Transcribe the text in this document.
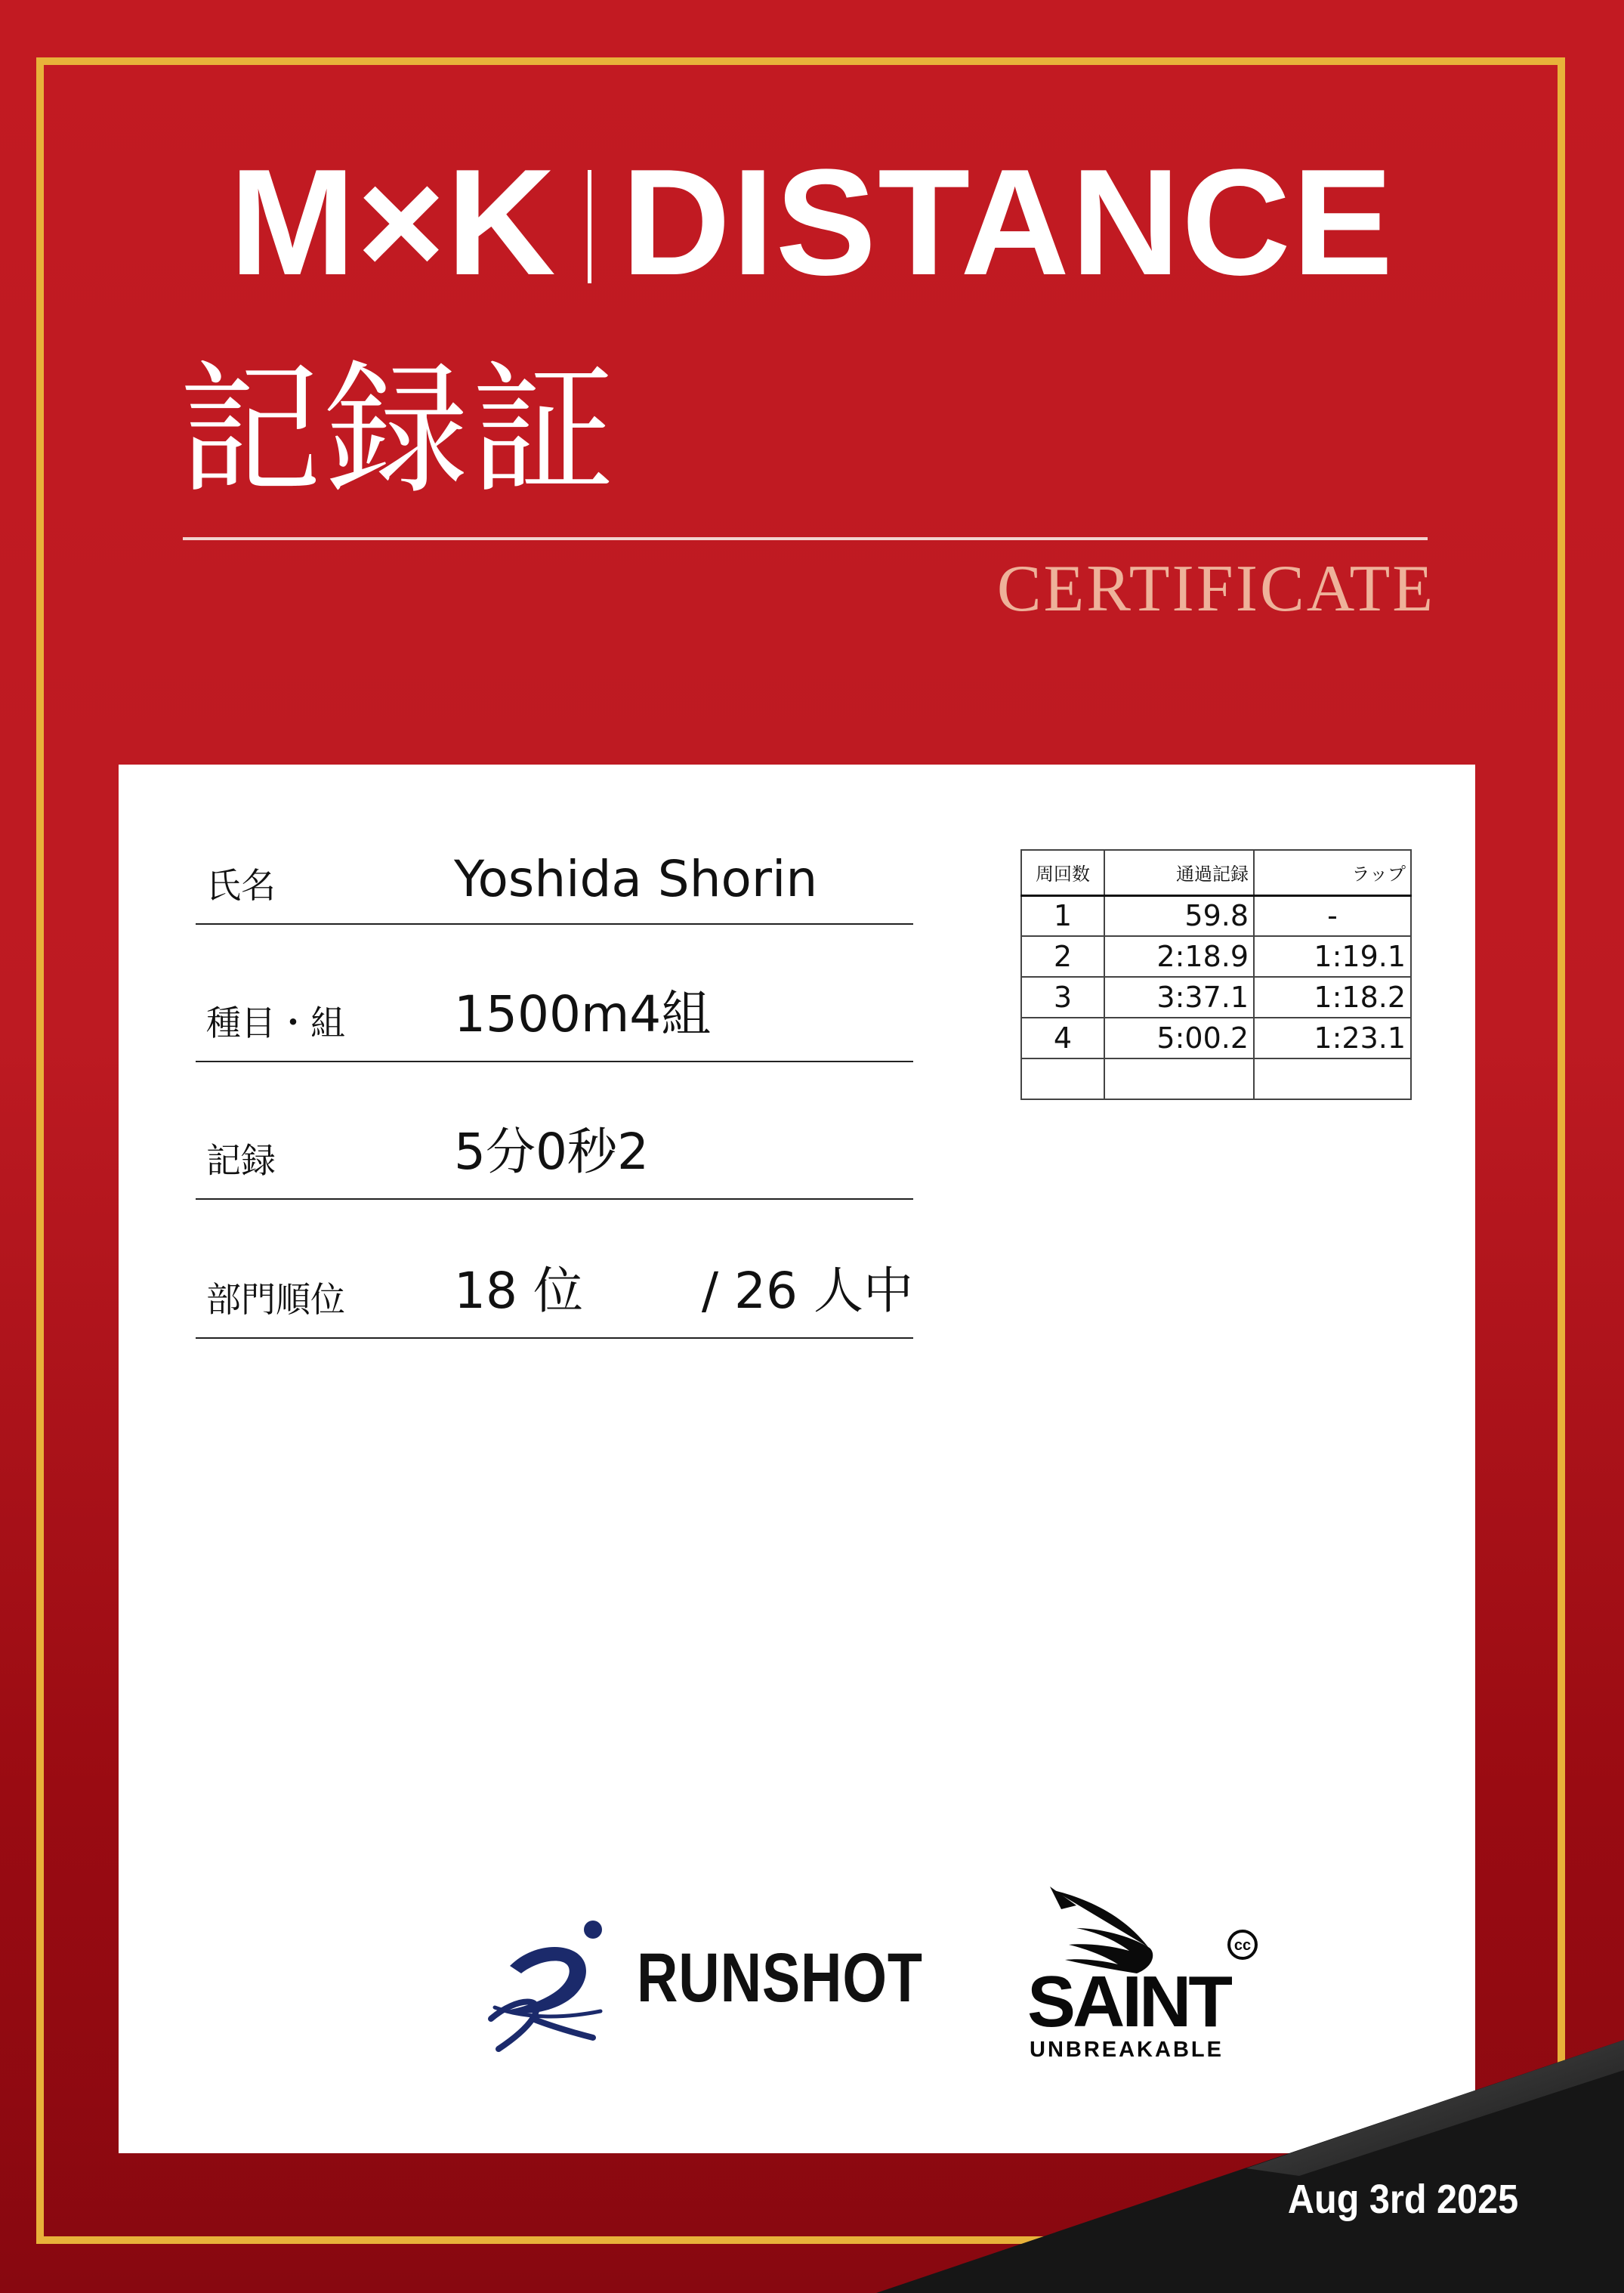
M×K DISTANCE
記録証
CERTIFICATE
氏名	Yoshida Shorin
種目・組 1500m4組
記録	5分0秒2
部門順位 18 位 / 26 人中
周回数	通過記録	ラップ
1	59.8	-
2	2:18.9	1:19.1
3	3:37.1	1:18.2
4	5:00.2	1:23.1

RUNSHOT	cc
SAINT
UNBREAKABLE
Aug 3rd 2025
